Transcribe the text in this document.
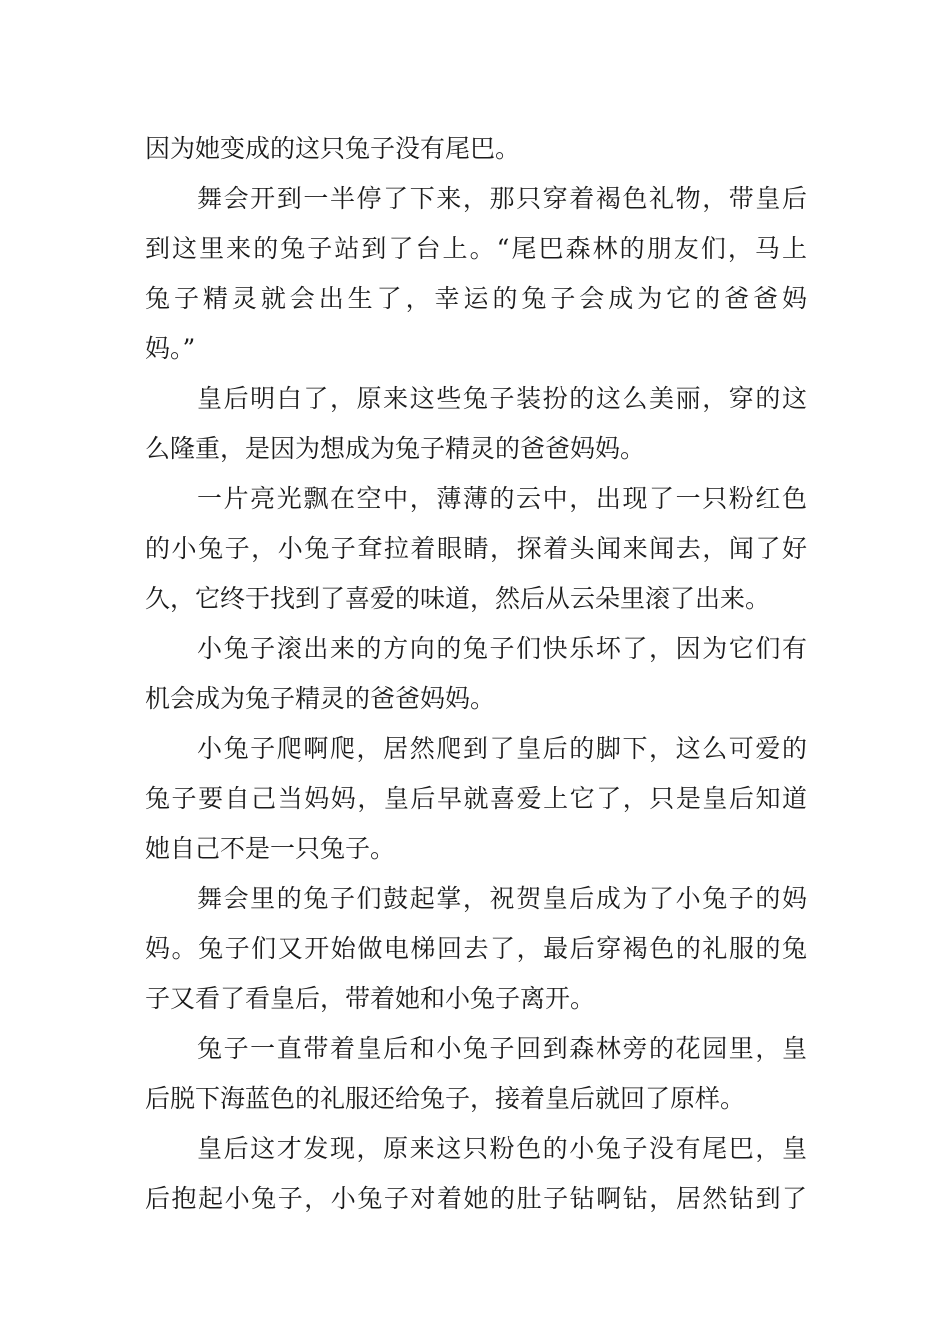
因为她变成的这只兔子没有尾巴。

舞会开到一半停了下来，那只穿着褐色礼物，带皇后
到这里来的兔子站到了台上。“尾巴森林的朋友们，马上
兔子精灵就会出生了，幸运的兔子会成为它的爸爸妈
妈。”

皇后明白了，原来这些兔子装扮的这么美丽，穿的这
么隆重，是因为想成为兔子精灵的爸爸妈妈。

一片亮光飘在空中，薄薄的云中，出现了一只粉红色
的小兔子，小兔子耷拉着眼睛，探着头闻来闻去，闻了好
久，它终于找到了喜爱的味道，然后从云朵里滚了出来。

小兔子滚出来的方向的兔子们快乐坏了，因为它们有
机会成为兔子精灵的爸爸妈妈。

小兔子爬啊爬，居然爬到了皇后的脚下，这么可爱的
兔子要自己当妈妈，皇后早就喜爱上它了，只是皇后知道
她自己不是一只兔子。

舞会里的兔子们鼓起掌，祝贺皇后成为了小兔子的妈
妈。兔子们又开始做电梯回去了，最后穿褐色的礼服的兔
子又看了看皇后，带着她和小兔子离开。

兔子一直带着皇后和小兔子回到森林旁的花园里，皇
后脱下海蓝色的礼服还给兔子，接着皇后就回了原样。

皇后这才发现，原来这只粉色的小兔子没有尾巴，皇
后抱起小兔子，小兔子对着她的肚子钻啊钻，居然钻到了
